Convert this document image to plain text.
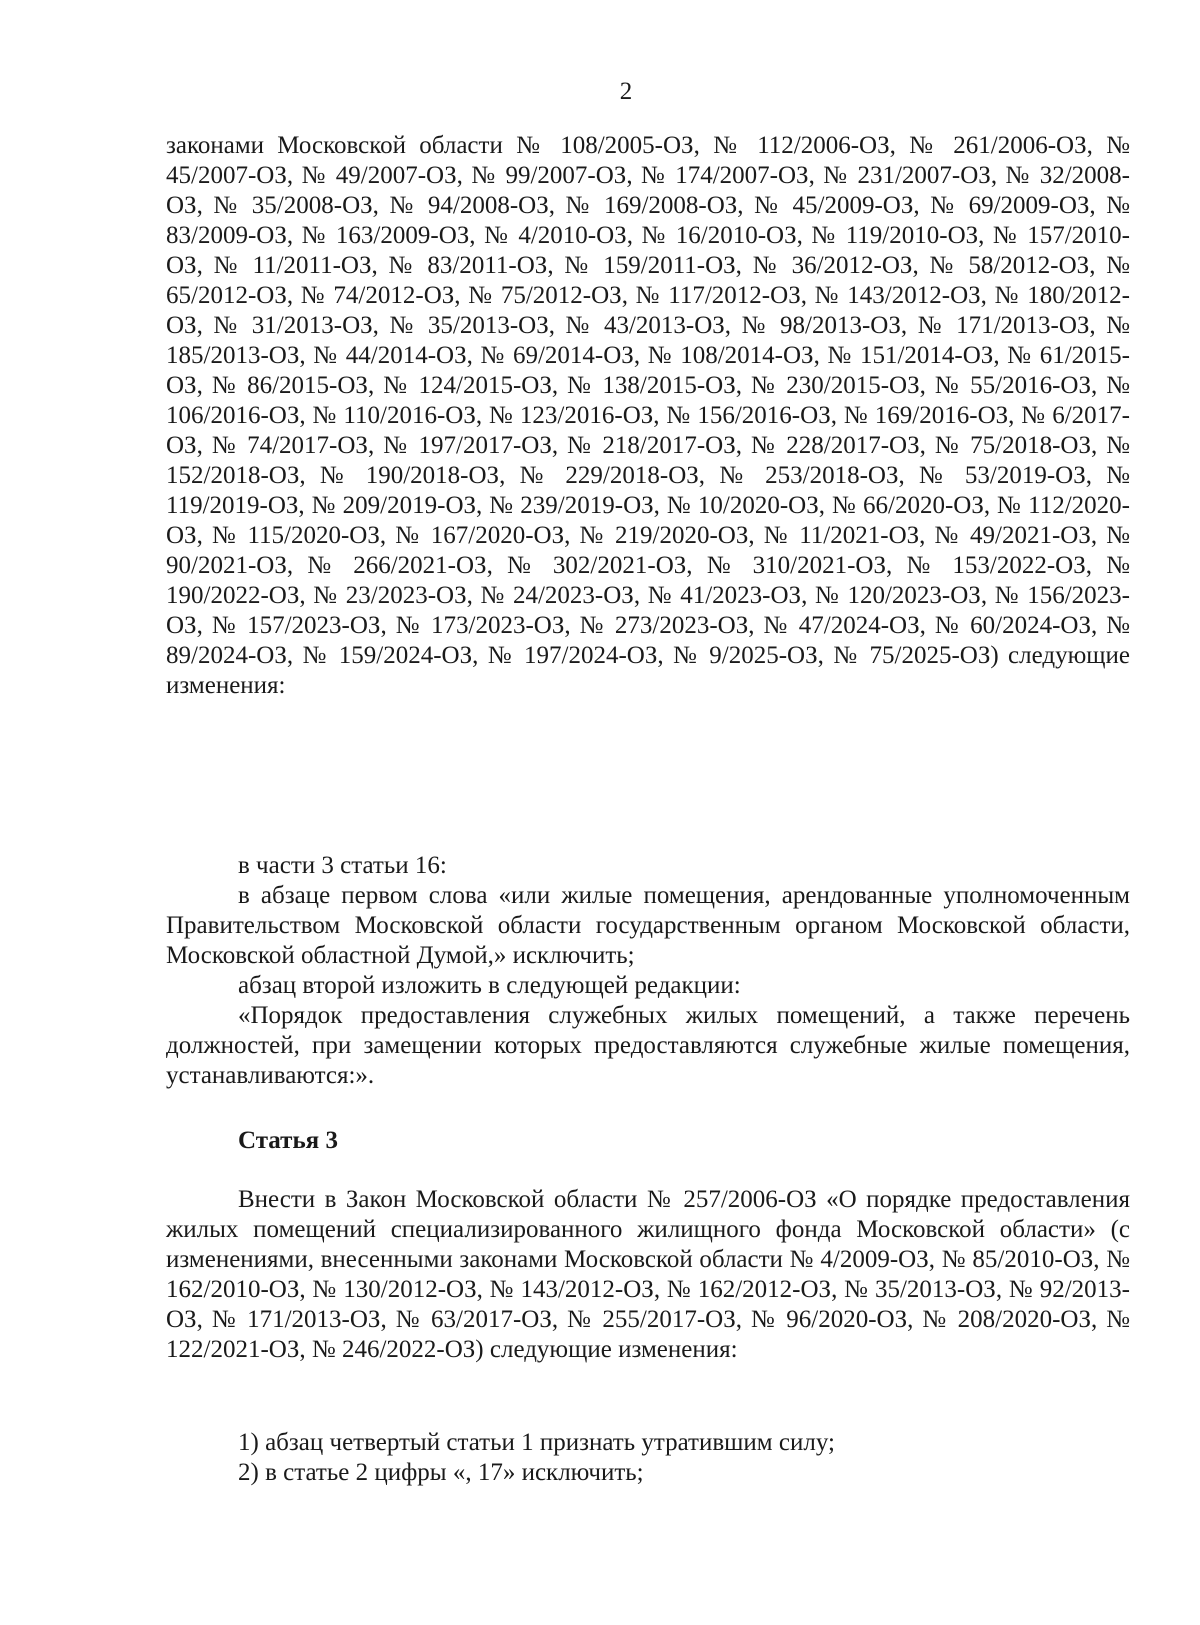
2

законами Московской области № 108/2005-ОЗ, № 112/2006-ОЗ, № 261/2006-ОЗ, № 45/2007-ОЗ, № 49/2007-ОЗ, № 99/2007-ОЗ, № 174/2007-ОЗ, № 231/2007-ОЗ, № 32/2008-ОЗ, № 35/2008-ОЗ, № 94/2008-ОЗ, № 169/2008-ОЗ, № 45/2009-ОЗ, № 69/2009-ОЗ, № 83/2009-ОЗ, № 163/2009-ОЗ, № 4/2010-ОЗ, № 16/2010-ОЗ, № 119/2010-ОЗ, № 157/2010-ОЗ, № 11/2011-ОЗ, № 83/2011-ОЗ, № 159/2011-ОЗ, № 36/2012-ОЗ, № 58/2012-ОЗ, № 65/2012-ОЗ, № 74/2012-ОЗ, № 75/2012-ОЗ, № 117/2012-ОЗ, № 143/2012-ОЗ, № 180/2012-ОЗ, № 31/2013-ОЗ, № 35/2013-ОЗ, № 43/2013-ОЗ, № 98/2013-ОЗ, № 171/2013-ОЗ, № 185/2013-ОЗ, № 44/2014-ОЗ, № 69/2014-ОЗ, № 108/2014-ОЗ, № 151/2014-ОЗ, № 61/2015-ОЗ, № 86/2015-ОЗ, № 124/2015-ОЗ, № 138/2015-ОЗ, № 230/2015-ОЗ, № 55/2016-ОЗ, № 106/2016-ОЗ, № 110/2016-ОЗ, № 123/2016-ОЗ, № 156/2016-ОЗ, № 169/2016-ОЗ, № 6/2017-ОЗ, № 74/2017-ОЗ, № 197/2017-ОЗ, № 218/2017-ОЗ, № 228/2017-ОЗ, № 75/2018-ОЗ, № 152/2018-ОЗ, № 190/2018-ОЗ, № 229/2018-ОЗ, № 253/2018-ОЗ, № 53/2019-ОЗ, № 119/2019-ОЗ, № 209/2019-ОЗ, № 239/2019-ОЗ, № 10/2020-ОЗ, № 66/2020-ОЗ, № 112/2020-ОЗ, № 115/2020-ОЗ, № 167/2020-ОЗ, № 219/2020-ОЗ, № 11/2021-ОЗ, № 49/2021-ОЗ, № 90/2021-ОЗ, № 266/2021-ОЗ, № 302/2021-ОЗ, № 310/2021-ОЗ, № 153/2022-ОЗ, № 190/2022-ОЗ, № 23/2023-ОЗ, № 24/2023-ОЗ, № 41/2023-ОЗ, № 120/2023-ОЗ, № 156/2023-ОЗ, № 157/2023-ОЗ, № 173/2023-ОЗ, № 273/2023-ОЗ, № 47/2024-ОЗ, № 60/2024-ОЗ, № 89/2024-ОЗ, № 159/2024-ОЗ, № 197/2024-ОЗ, № 9/2025-ОЗ, № 75/2025-ОЗ) следующие изменения:

в части 3 статьи 16:

в абзаце первом слова «или жилые помещения, арендованные уполномоченным Правительством Московской области государственным органом Московской области, Московской областной Думой,» исключить;

абзац второй изложить в следующей редакции:

«Порядок предоставления служебных жилых помещений, а также перечень должностей, при замещении которых предоставляются служебные жилые помещения, устанавливаются:».

Статья 3

Внести в Закон Московской области № 257/2006-ОЗ «О порядке предоставления жилых помещений специализированного жилищного фонда Московской области» (с изменениями, внесенными законами Московской области № 4/2009-ОЗ, № 85/2010-ОЗ, № 162/2010-ОЗ, № 130/2012-ОЗ, № 143/2012-ОЗ, № 162/2012-ОЗ, № 35/2013-ОЗ, № 92/2013-ОЗ, № 171/2013-ОЗ, № 63/2017-ОЗ, № 255/2017-ОЗ, № 96/2020-ОЗ, № 208/2020-ОЗ, № 122/2021-ОЗ, № 246/2022-ОЗ) следующие изменения:

1) абзац четвертый статьи 1 признать утратившим силу;

2) в статье 2 цифры «, 17» исключить;
